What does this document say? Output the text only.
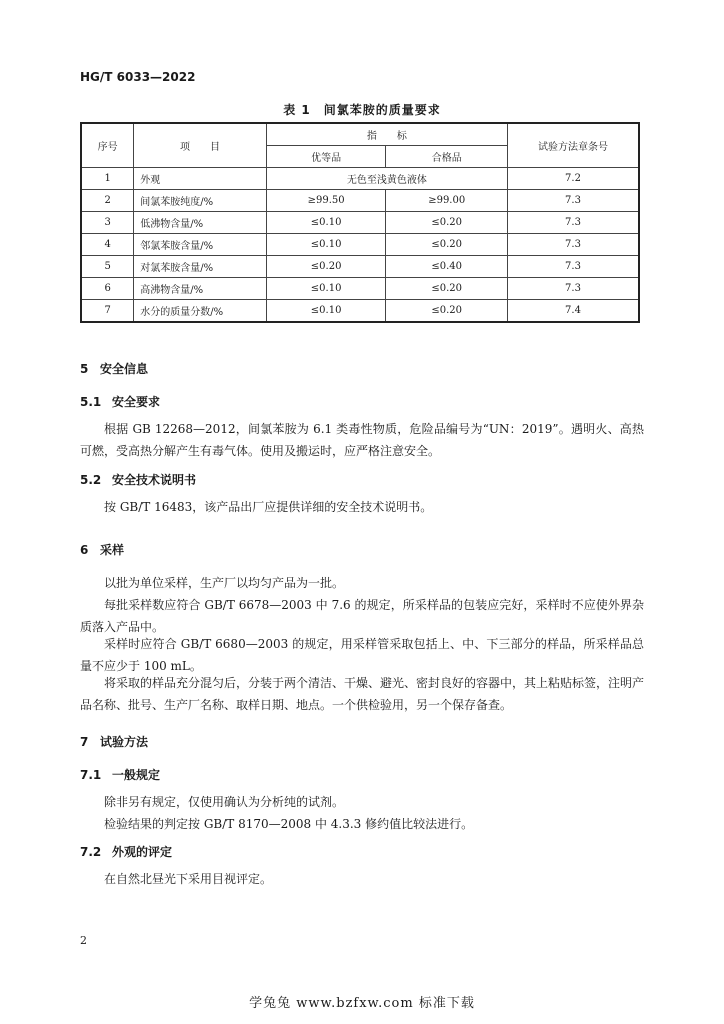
HG/T 6033—2022
表 1　间氯苯胺的质量要求
序号	项　　目	指　　标		试验方法章条号
		优等品	合格品	
1	外观	无色至浅黄色液体		7.2
2	间氯苯胺纯度/%	≥99.50	≥99.00	7.3
3	低沸物含量/%	≤0.10	≤0.20	7.3
4	邻氯苯胺含量/%	≤0.10	≤0.20	7.3
5	对氯苯胺含量/%	≤0.20	≤0.40	7.3
6	高沸物含量/%	≤0.10	≤0.20	7.3
7	水分的质量分数/%	≤0.10	≤0.20	7.4
5 安全信息
5.1 安全要求
根据 GB 12268—2012，间氯苯胺为 6.1 类毒性物质，危险品编号为“UN：2019”。遇明火、高热可燃，受高热分解产生有毒气体。使用及搬运时，应严格注意安全。
5.2 安全技术说明书
按 GB/T 16483，该产品出厂应提供详细的安全技术说明书。
6 采样
以批为单位采样，生产厂以均匀产品为一批。
每批采样数应符合 GB/T 6678—2003 中 7.6 的规定，所采样品的包装应完好，采样时不应使外界杂质落入产品中。
采样时应符合 GB/T 6680—2003 的规定，用采样管采取包括上、中、下三部分的样品，所采样品总量不应少于 100 mL。
将采取的样品充分混匀后，分装于两个清洁、干燥、避光、密封良好的容器中，其上粘贴标签，注明产品名称、批号、生产厂名称、取样日期、地点。一个供检验用，另一个保存备查。
7 试验方法
7.1 一般规定
除非另有规定，仅使用确认为分析纯的试剂。
检验结果的判定按 GB/T 8170—2008 中 4.3.3 修约值比较法进行。
7.2 外观的评定
在自然北昼光下采用目视评定。
2
学兔兔 www.bzfxw.com 标准下载
